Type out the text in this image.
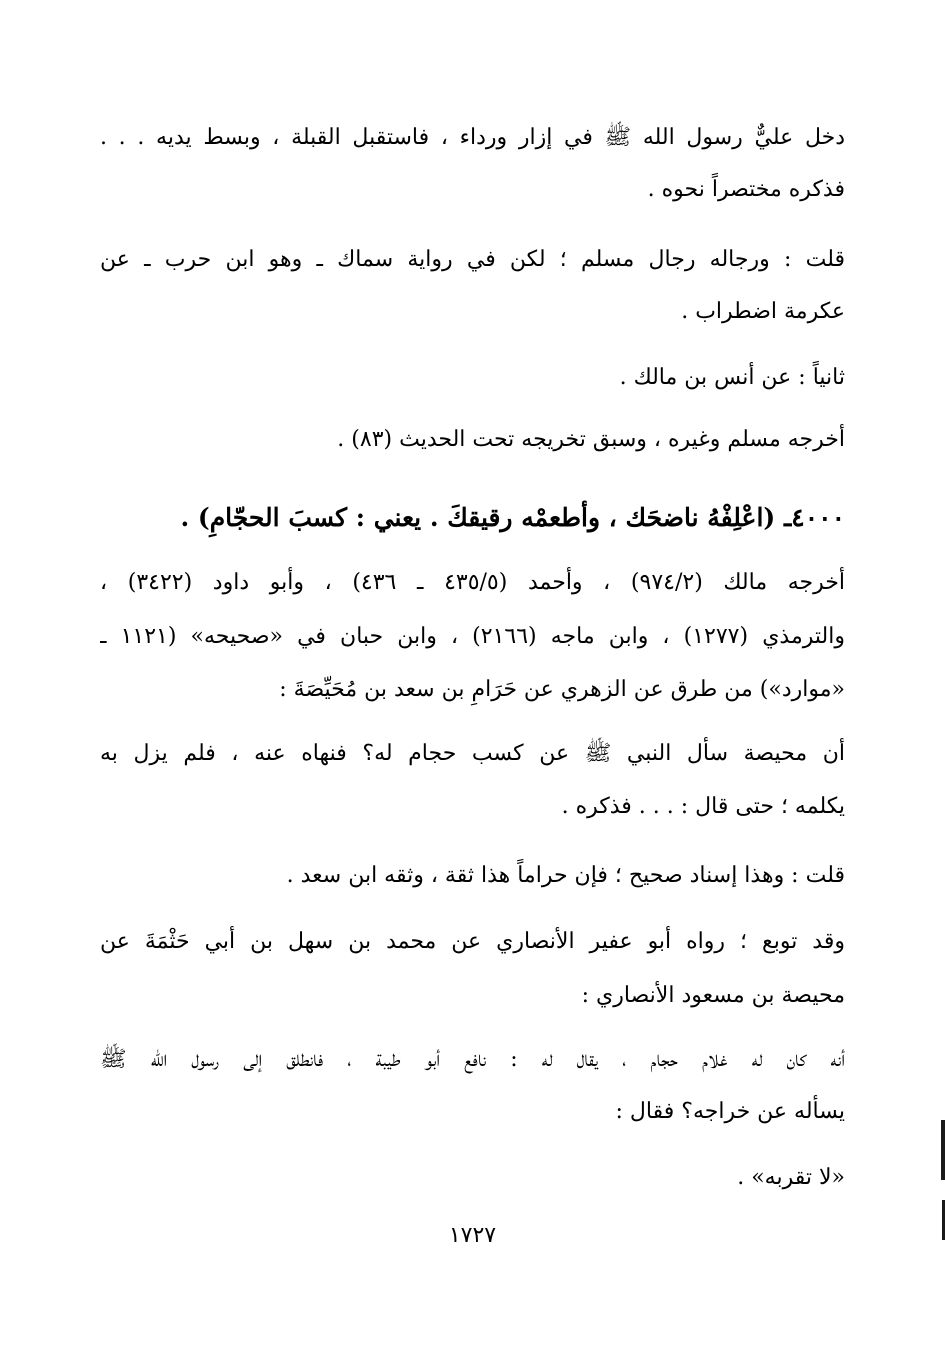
دخل عليٌّ رسول الله ﷺ في إزار ورداء ، فاستقبل القبلة ، وبسط يديه . . .
فذكره مختصراً نحوه .
قلت : ورجاله رجال مسلم ؛ لكن في رواية سماك ـ وهو ابن حرب ـ عن
عكرمة اضطراب .
ثانياً : عن أنس بن مالك .
أخرجه مسلم وغيره ، وسبق تخريجه تحت الحديث (٨٣) .
٤٠٠٠ـ (اعْلِفْهُ ناضحَك ، وأطعمْه رقيقكَ . يعني : كسبَ الحجّامِ) .
أخرجه مالك (٩٧٤/٢) ، وأحمد (٤٣٥/٥ ـ ٤٣٦) ، وأبو داود (٣٤٢٢) ،
والترمذي (١٢٧٧) ، وابن ماجه (٢١٦٦) ، وابن حبان في «صحيحه» (١١٢١ ـ
«موارد») من طرق عن الزهري عن حَرَامِ بن سعد بن مُحَيِّصَةَ :
أن محيصة سأل النبي ﷺ عن كسب حجام له؟ فنهاه عنه ، فلم يزل به
يكلمه ؛ حتى قال : . . . فذكره .
قلت : وهذا إسناد صحيح ؛ فإن حراماً هذا ثقة ، وثقه ابن سعد .
وقد توبع ؛ رواه أبو عفير الأنصاري عن محمد بن سهل بن أبي حَثْمَةَ عن
محيصة بن مسعود الأنصاري :
أنه كان له غلام حجام ، يقال له : نافع أبو طيبة ، فانطلق إلى رسول الله ﷺ
يسأله عن خراجه؟ فقال :
«لا تقربه» .
١٧٢٧
